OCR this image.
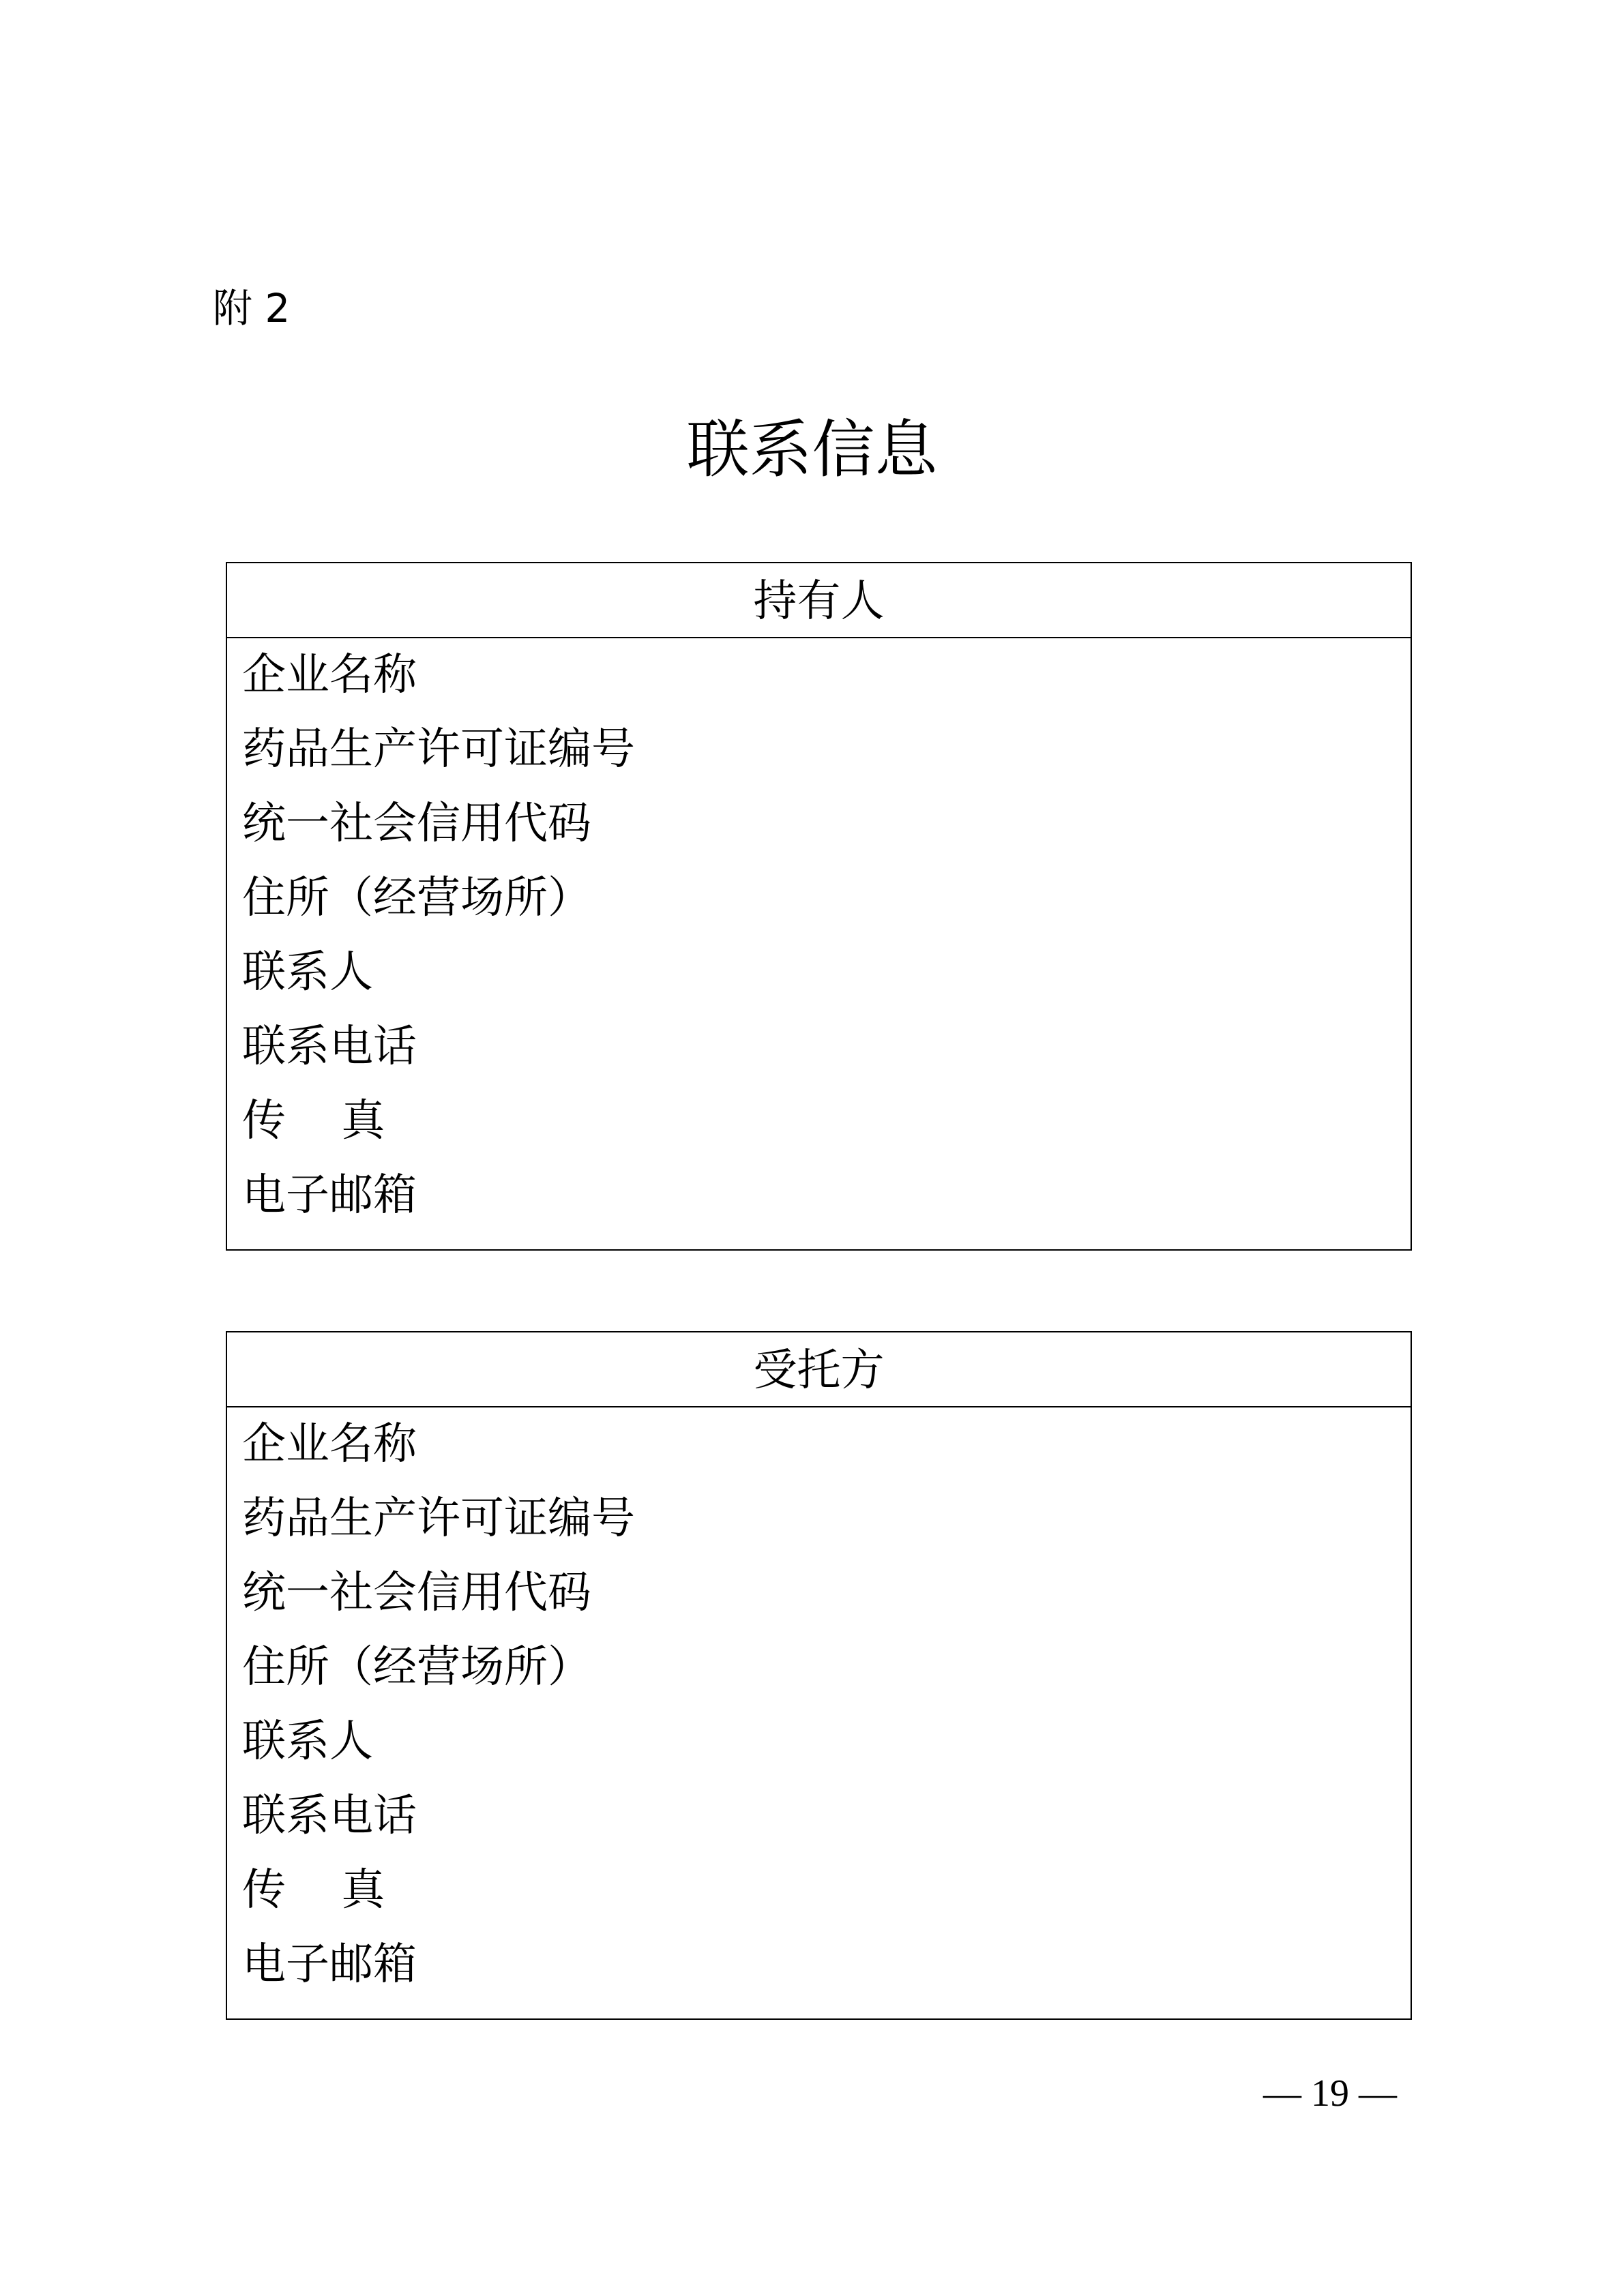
附 2
联系信息
持有人
企业名称
药品生产许可证编号
统一社会信用代码
住所（经营场所）
联系人
联系电话
传    真
电子邮箱
受托方
企业名称
药品生产许可证编号
统一社会信用代码
住所（经营场所）
联系人
联系电话
传    真
电子邮箱
— 19 —
